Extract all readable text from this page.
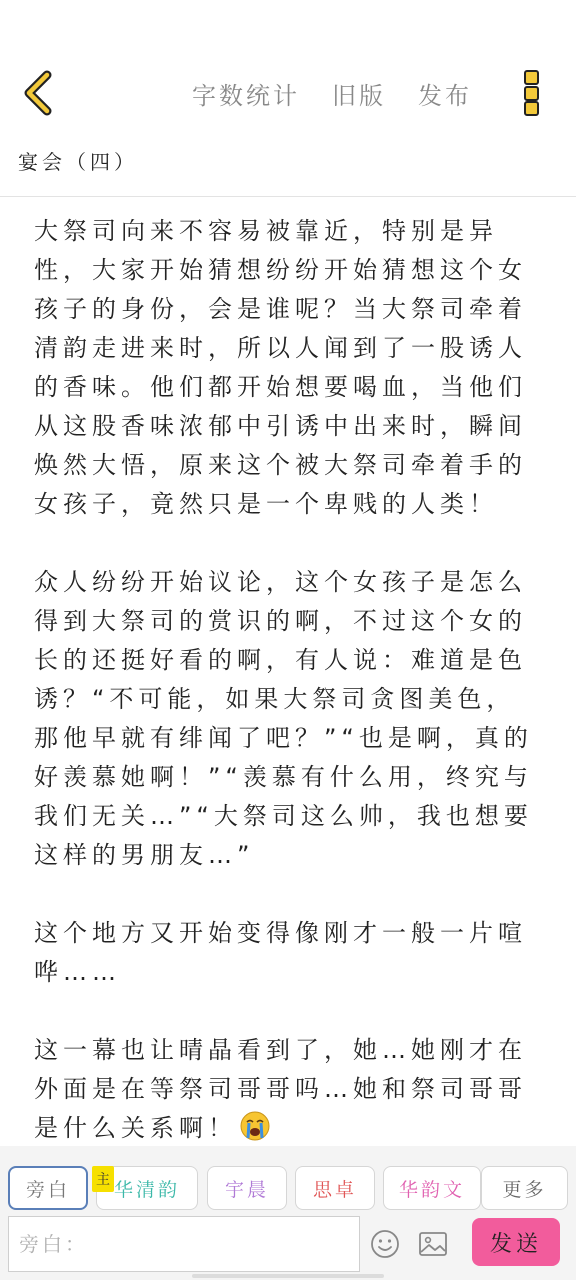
字数统计 旧版 发布
宴会（四）

大祭司向来不容易被靠近，特别是异性，大家开始猜想纷纷开始猜想这个女孩子的身份，会是谁呢？当大祭司牵着清韵走进来时，所以人闻到了一股诱人的香味。他们都开始想要喝血，当他们从这股香味浓郁中引诱中出来时，瞬间焕然大悟，原来这个被大祭司牵着手的女孩子，竟然只是一个卑贱的人类！

众人纷纷开始议论，这个女孩子是怎么得到大祭司的赏识的啊，不过这个女的长的还挺好看的啊，有人说：难道是色诱？“不可能，如果大祭司贪图美色，那他早就有绯闻了吧？”“也是啊，真的好羡慕她啊！”“羡慕有什么用，终究与我们无关…”“大祭司这么帅，我也想要这样的男朋友…”

这个地方又开始变得像刚才一般一片喧哗……

这一幕也让晴晶看到了，她…她刚才在外面是在等祭司哥哥吗…她和祭司哥哥是什么关系啊！

旁白 华清韵
主	宇晨 思卓 华韵文 更多
旁白：
发送
